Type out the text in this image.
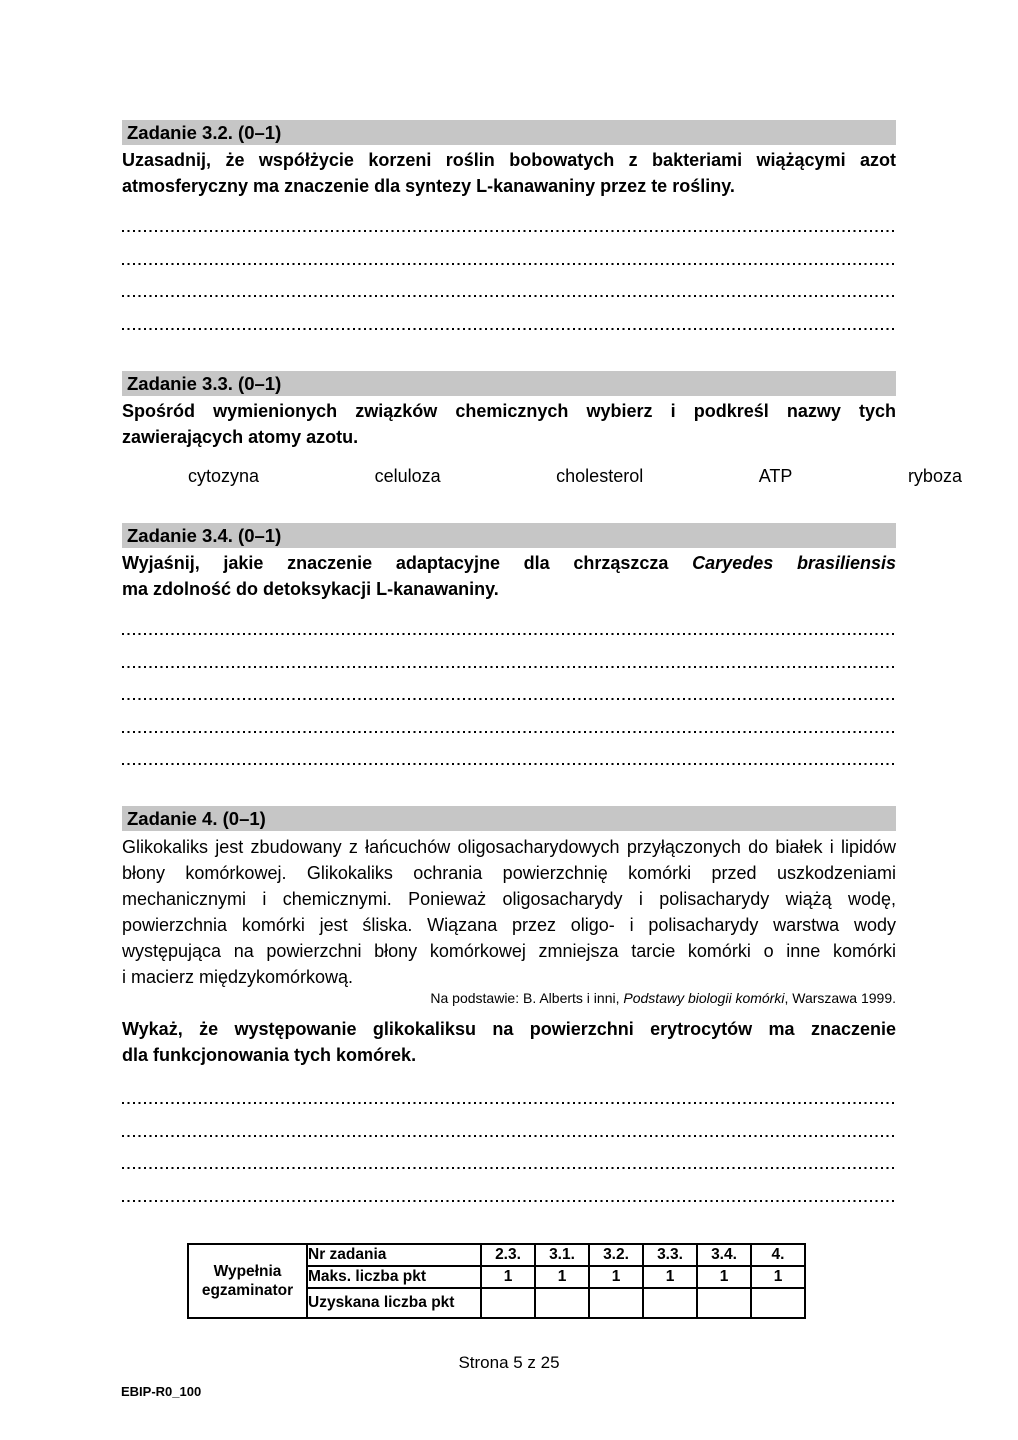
Zadanie 3.2. (0–1)
Uzasadnij, że współżycie korzeni roślin bobowatych z bakteriami wiążącymi azot
atmosferyczny ma znaczenie dla syntezy L-kanawaniny przez te rośliny.
Zadanie 3.3. (0–1)
Spośród wymienionych związków chemicznych wybierz i podkreśl nazwy tych
zawierających atomy azotu.
cytozyna	celuloza	cholesterol	ATP	ryboza
Zadanie 3.4. (0–1)
Wyjaśnij, jakie znaczenie adaptacyjne dla chrząszcza Caryedes brasiliensis
ma zdolność do detoksykacji L-kanawaniny.
Zadanie 4. (0–1)
Glikokaliks jest zbudowany z łańcuchów oligosacharydowych przyłączonych do białek i lipidów
błony komórkowej. Glikokaliks ochrania powierzchnię komórki przed uszkodzeniami
mechanicznymi i chemicznymi. Ponieważ oligosacharydy i polisacharydy wiążą wodę,
powierzchnia komórki jest śliska. Wiązana przez oligo- i polisacharydy warstwa wody
występująca na powierzchni błony komórkowej zmniejsza tarcie komórki o inne komórki
i macierz międzykomórkową.
Na podstawie: B. Alberts i inni, Podstawy biologii komórki, Warszawa 1999.
Wykaż, że występowanie glikokaliksu na powierzchni erytrocytów ma znaczenie
dla funkcjonowania tych komórek.
Wypełnia egzaminator	Nr zadania	2.3.	3.1.	3.2.	3.3.	3.4.	4.
	Maks. liczba pkt	1	1	1	1	1	1
	Uzyskana liczba pkt						
Strona 5 z 25
EBIP-R0_100
